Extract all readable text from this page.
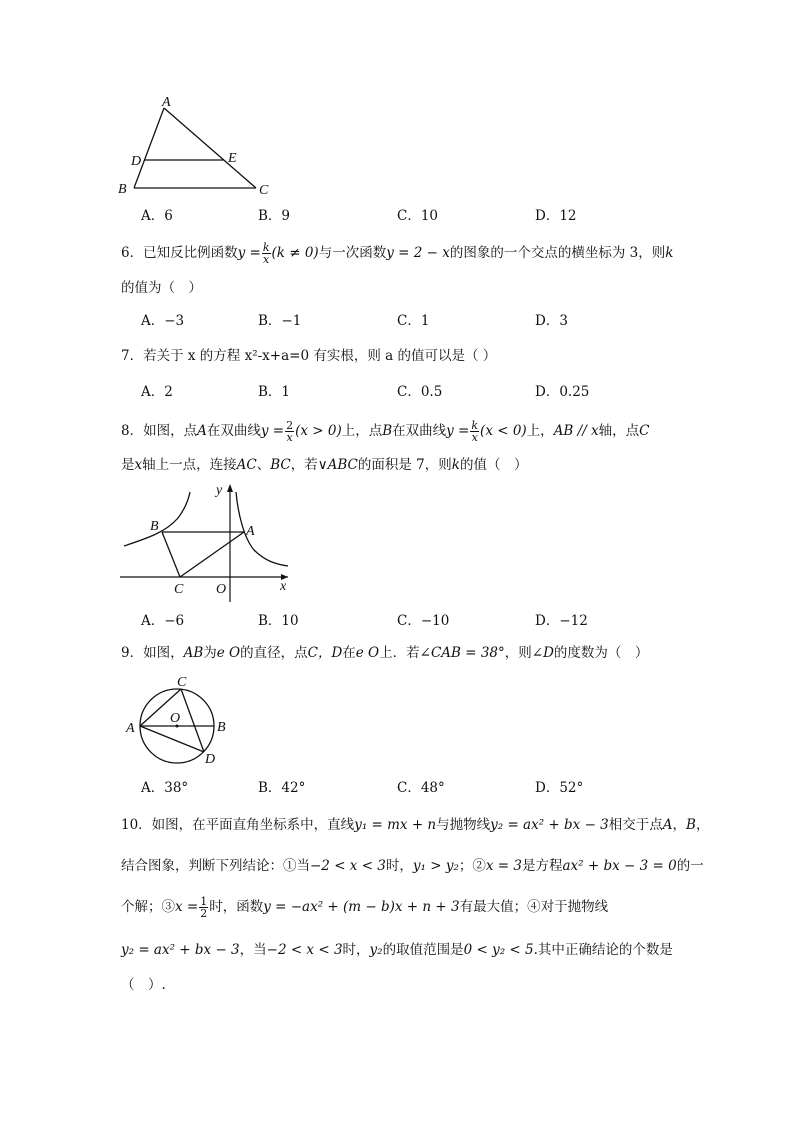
A
D	E
B	C
A．6	B．9	C．10	D．12
6．已知反比例函数$y = \frac{k}{x} (k \ne 0)$与一次函数y = 2 − x的图象的一个交点的横坐标为 3，则k
的值为（　）
A．−3	B．−1	C．1	D．3
7．若关于 x 的方程 x²-x+a=0 有实根，则 a 的值可以是（ ）
A．2	B．1	C．0.5	D．0.25
8．如图，点A在双曲线$y = \frac{2}{x} (x > 0)$上，点B在双曲线$y = \frac{k}{x} (x < 0)$上，AB // x轴，点C
是x轴上一点，连接AC、BC，若∨ABC的面积是 7，则k的值（　）
y
B	A
C O	x
A．−6	B．10	C．−10	D．−12
9．如图，AB为e O的直径，点C，D在e O上．若∠CAB = 38°，则∠D的度数为（　）
C
O
A	B
D
A．38°	B．42°	C．48°	D．52°
10．如图，在平面直角坐标系中，直线y₁ = mx + n与抛物线y₂ = ax² + bx − 3相交于点A，B，
结合图象，判断下列结论：①当−2 < x < 3时，y₁ > y₂；②x = 3是方程ax² + bx − 3 = 0的一
个解；③x = $\frac{1}{2}$ 时，函数y = −ax² + (m − b)x + n + 3有最大值；④对于抛物线
y₂ = ax² + bx − 3，当−2 < x < 3时，y₂的取值范围是0 < y₂ < 5.其中正确结论的个数是
（　）.
